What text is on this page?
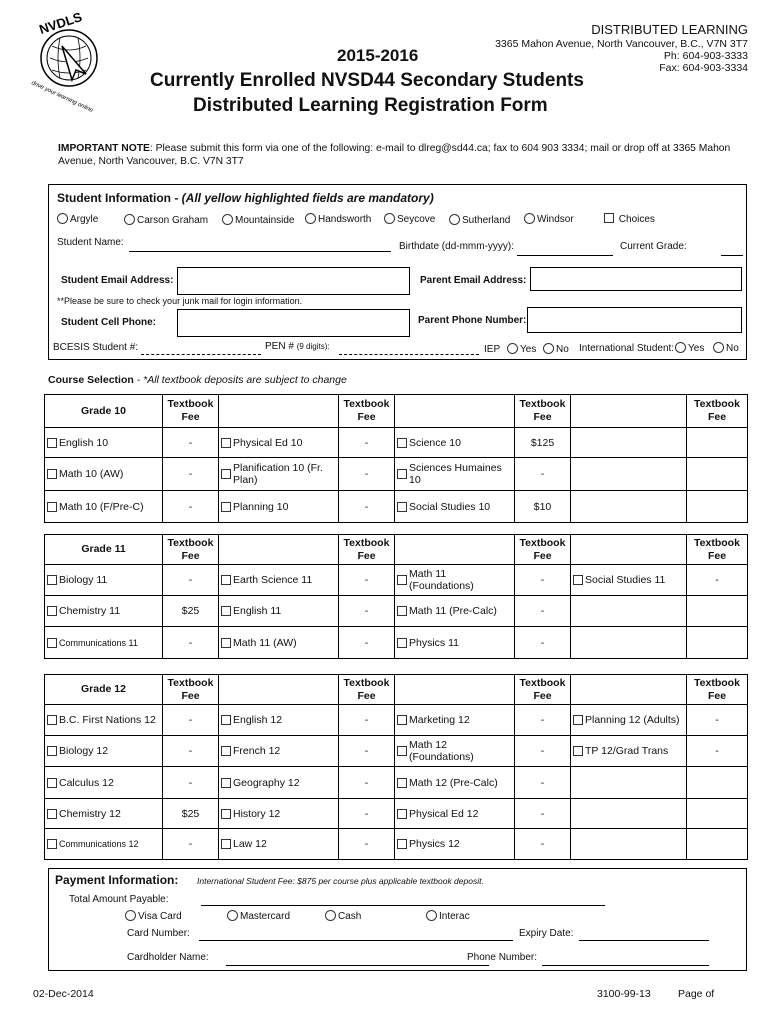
NVDLS
drive your learning online
DISTRIBUTED LEARNING
3365 Mahon Avenue, North Vancouver, B.C., V7N 3T7
Ph: 604-903-3333
Fax: 604-903-3334
2015-2016
Currently Enrolled NVSD44 Secondary Students
Distributed Learning Registration Form
IMPORTANT NOTE: Please submit this form via one of the following: e-mail to dlreg@sd44.ca; fax to 604 903 3334; mail or drop off at 3365 Mahon Avenue, North Vancouver, B.C. V7N 3T7
Student Information - (All yellow highlighted fields are mandatory)
Argyle	Carson Graham	Mountainside	Handsworth	Seycove	Sutherland	Windsor	Choices
Student Name:	Birthdate (dd-mmm-yyyy):	Current Grade:
Student Email Address:	Parent Email Address:
**Please be sure to check your junk mail for login information.
Student Cell Phone:	Parent Phone Number:
BCESIS Student #:	PEN # (9 digits):	IEP	Yes	No International Student:	Yes	No
Course Selection - *All textbook deposits are subject to change
Grade 10	Textbook Fee		Textbook Fee		Textbook Fee		Textbook Fee

English 10	-	Physical Ed 10	-	Science 10	$125		

Math 10 (AW)	-	Planification 10 (Fr. Plan)	-	Sciences Humaines 10	-		

Math 10 (F/Pre-C)	-	Planning 10	-	Social Studies 10	$10		
Grade 11	Textbook Fee		Textbook Fee		Textbook Fee		Textbook Fee

Biology 11	-	Earth Science 11	-	Math 11 (Foundations)	-	Social Studies 11	-

Chemistry 11	$25	English 11	-	Math 11 (Pre-Calc)	-		

Communications 11	-	Math 11 (AW)	-	Physics 11	-		
Grade 12	Textbook Fee		Textbook Fee		Textbook Fee		Textbook Fee

B.C. First Nations 12	-	English 12	-	Marketing 12	-	Planning 12 (Adults)	-

Biology 12	-	French 12	-	Math 12 (Foundations)	-	TP 12/Grad Trans	-

Calculus 12	-	Geography 12	-	Math 12 (Pre-Calc)	-		

Chemistry 12	$25	History 12	-	Physical Ed 12	-		

Communications 12	-	Law 12	-	Physics 12	-		
Payment Information: International Student Fee: $875 per course plus applicable textbook deposit.
Total Amount Payable:
Visa Card	Mastercard	Cash	Interac
Card Number:	Expiry Date:
Cardholder Name:	Phone Number:
02-Dec-2014	3100-99-13	Page of
